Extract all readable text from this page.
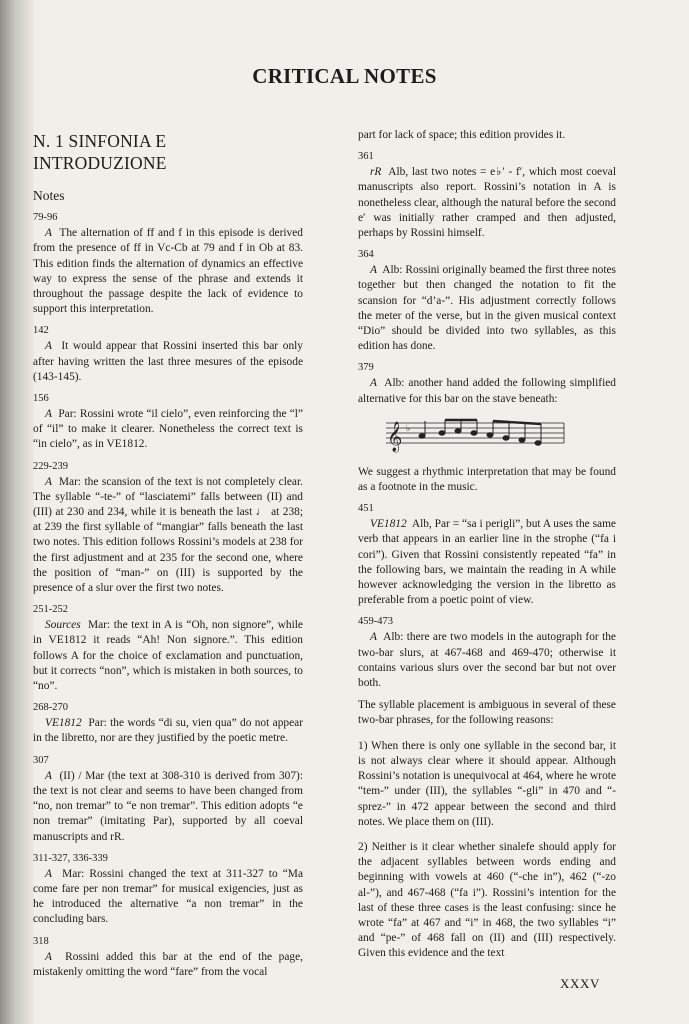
CRITICAL NOTES
N. 1 SINFONIA E INTRODUZIONE
Notes
79-96
A The alternation of ff and f in this episode is derived from the presence of ff in Vc-Cb at 79 and f in Ob at 83. This edition finds the alternation of dynamics an effective way to express the sense of the phrase and extends it throughout the passage despite the lack of evidence to support this interpretation.
142
A It would appear that Rossini inserted this bar only after having written the last three mesures of the episode (143-145).
156
A Par: Rossini wrote “il cielo”, even reinforcing the “l” of “il” to make it clearer. Nonetheless the correct text is “in cielo”, as in VE1812.
229-239
A Mar: the scansion of the text is not completely clear. The syllable “-te-” of “lasciatemi” falls between (II) and (III) at 230 and 234, while it is beneath the last ♩ at 238; at 239 the first syllable of “mangiar” falls beneath the last two notes. This edition follows Rossini’s models at 238 for the first adjustment and at 235 for the second one, where the position of “man-” on (III) is supported by the presence of a slur over the first two notes.
251-252
Sources Mar: the text in A is “Oh, non signore”, while in VE1812 it reads “Ah! Non signore.”. This edition follows A for the choice of exclamation and punctuation, but it corrects “non”, which is mistaken in both sources, to “no”.
268-270
VE1812 Par: the words “di su, vien qua” do not appear in the libretto, nor are they justified by the poetic metre.
307
A (II) / Mar (the text at 308-310 is derived from 307): the text is not clear and seems to have been changed from “no, non tremar” to “e non tremar”. This edition adopts “e non tremar” (imitating Par), supported by all coeval manuscripts and rR.
311-327, 336-339
A Mar: Rossini changed the text at 311-327 to “Ma come fare per non tremar” for musical exigencies, just as he introduced the alternative “a non tremar” in the concluding bars.
318
A Rossini added this bar at the end of the page, mistakenly omitting the word “fare” from the vocal
part for lack of space; this edition provides it.
361
rR Alb, last two notes = e♭′ - f′, which most coeval manuscripts also report. Rossini’s notation in A is nonetheless clear, although the natural before the second e′ was initially rather cramped and then adjusted, perhaps by Rossini himself.
364
A Alb: Rossini originally beamed the first three notes together but then changed the notation to fit the scansion for “d’a-”. His adjustment correctly follows the meter of the verse, but in the given musical context “Dio” should be divided into two syllables, as this edition has done.
379
A Alb: another hand added the following simplified alternative for this bar on the stave beneath:
𝄞 ♭
We suggest a rhythmic interpretation that may be found as a footnote in the music.
451
VE1812 Alb, Par = “sa i perigli”, but A uses the same verb that appears in an earlier line in the strophe (“fa i cori”). Given that Rossini consistently repeated “fa” in the following bars, we maintain the reading in A while however acknowledging the version in the libretto as preferable from a poetic point of view.
459-473
A Alb: there are two models in the autograph for the two-bar slurs, at 467-468 and 469-470; otherwise it contains various slurs over the second bar but not over both.

The syllable placement is ambiguous in several of these two-bar phrases, for the following reasons:

1) When there is only one syllable in the second bar, it is not always clear where it should appear. Although Rossini’s notation is unequivocal at 464, where he wrote “tem-” under (III), the syllables “-gli” in 470 and “-sprez-” in 472 appear between the second and third notes. We place them on (III).

2) Neither is it clear whether sinalefe should apply for the adjacent syllables between words ending and beginning with vowels at 460 (“-che in”), 462 (“-zo al-”), and 467-468 (“fa i”). Rossini’s intention for the last of these three cases is the least confusing: since he wrote “fa” at 467 and “i” in 468, the two syllables “i” and “pe-” of 468 fall on (II) and (III) respectively. Given this evidence and the text

XXXV
